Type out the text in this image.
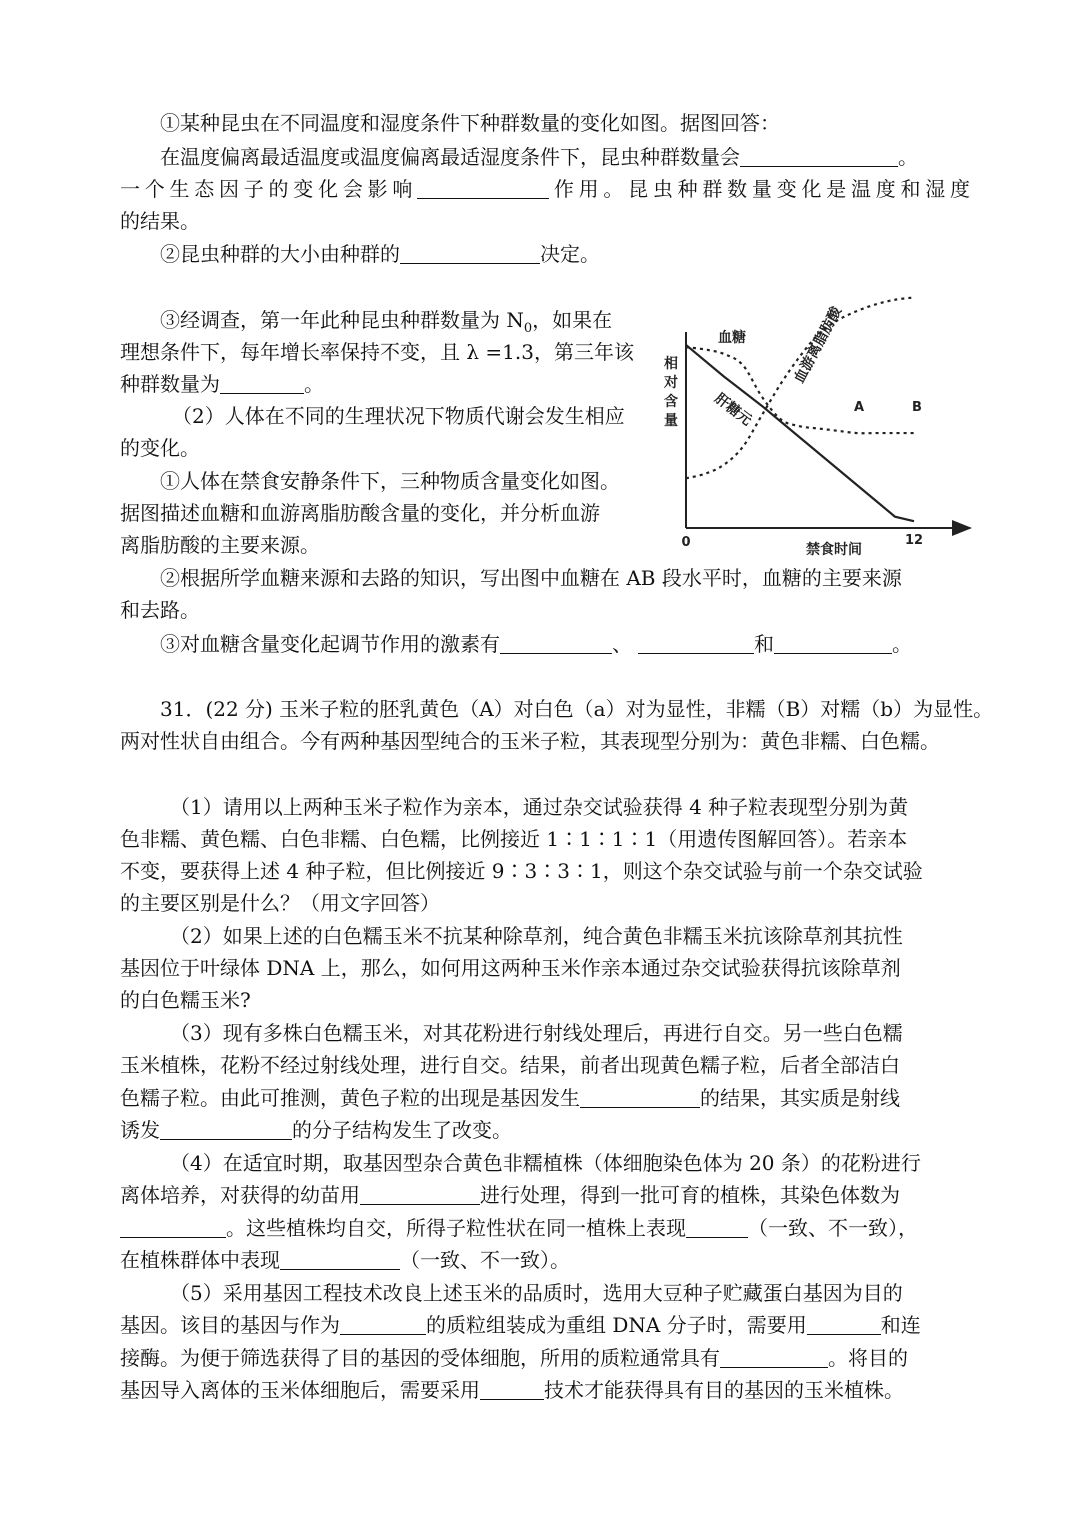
①某种昆虫在不同温度和湿度条件下种群数量的变化如图。据图回答：
在温度偏离最适温度或温度偏离最适湿度条件下，昆虫种群数量会	。
一个生态因子的变化会影响	作用。昆虫种群数量变化是温度和湿度
的结果。
②昆虫种群的大小由种群的	决定。
③经调查，第一年此种昆虫种群数量为 $N_0$，如果在
理想条件下，每年增长率保持不变，且 λ =1.3，第三年该
种群数量为	。
（2）人体在不同的生理状况下物质代谢会发生相应
的变化。
①人体在禁食安静条件下，三种物质含量变化如图。
据图描述血糖和血游离脂肪酸含量的变化，并分析血游
离脂肪酸的主要来源。
②根据所学血糖来源和去路的知识，写出图中血糖在 AB 段水平时，血糖的主要来源
和去路。
③对血糖含量变化起调节作用的激素有	、	和	。
31．(22 分) 玉米子粒的胚乳黄色（A）对白色（a）对为显性，非糯（B）对糯（b）为显性。
两对性状自由组合。今有两种基因型纯合的玉米子粒，其表现型分别为：黄色非糯、白色糯。
（1）请用以上两种玉米子粒作为亲本，通过杂交试验获得 4 种子粒表现型分别为黄
色非糯、黄色糯、白色非糯、白色糯，比例接近 1∶1∶1∶1（用遗传图解回答）。若亲本
不变，要获得上述 4 种子粒，但比例接近 9∶3∶3∶1，则这个杂交试验与前一个杂交试验
的主要区别是什么？（用文字回答）
（2）如果上述的白色糯玉米不抗某种除草剂，纯合黄色非糯玉米抗该除草剂其抗性
基因位于叶绿体 DNA 上，那么，如何用这两种玉米作亲本通过杂交试验获得抗该除草剂
的白色糯玉米?
（3）现有多株白色糯玉米，对其花粉进行射线处理后，再进行自交。另一些白色糯
玉米植株，花粉不经过射线处理，进行自交。结果，前者出现黄色糯子粒，后者全部洁白
色糯子粒。由此可推测，黄色子粒的出现是基因发生	的结果，其实质是射线
诱发	的分子结构发生了改变。
（4）在适宜时期，取基因型杂合黄色非糯植株（体细胞染色体为 20 条）的花粉进行
离体培养，对获得的幼苗用	进行处理，得到一批可育的植株，其染色体数为
。这些植株均自交，所得子粒性状在同一植株上表现	（一致、不一致），
在植株群体中表现	（一致、不一致）。
（5）采用基因工程技术改良上述玉米的品质时，选用大豆种子贮藏蛋白基因为目的
基因。该目的基因与作为	的质粒组装成为重组 DNA 分子时，需要用	和连
接酶。为便于筛选获得了目的基因的受体细胞，所用的质粒通常具有	。将目的
基因导入离体的玉米体细胞后，需要采用	技术才能获得具有目的基因的玉米植株。
相
对
含
量
禁食时间
0	12
血糖
肝糖元
血游离脂肪酸
A	B
